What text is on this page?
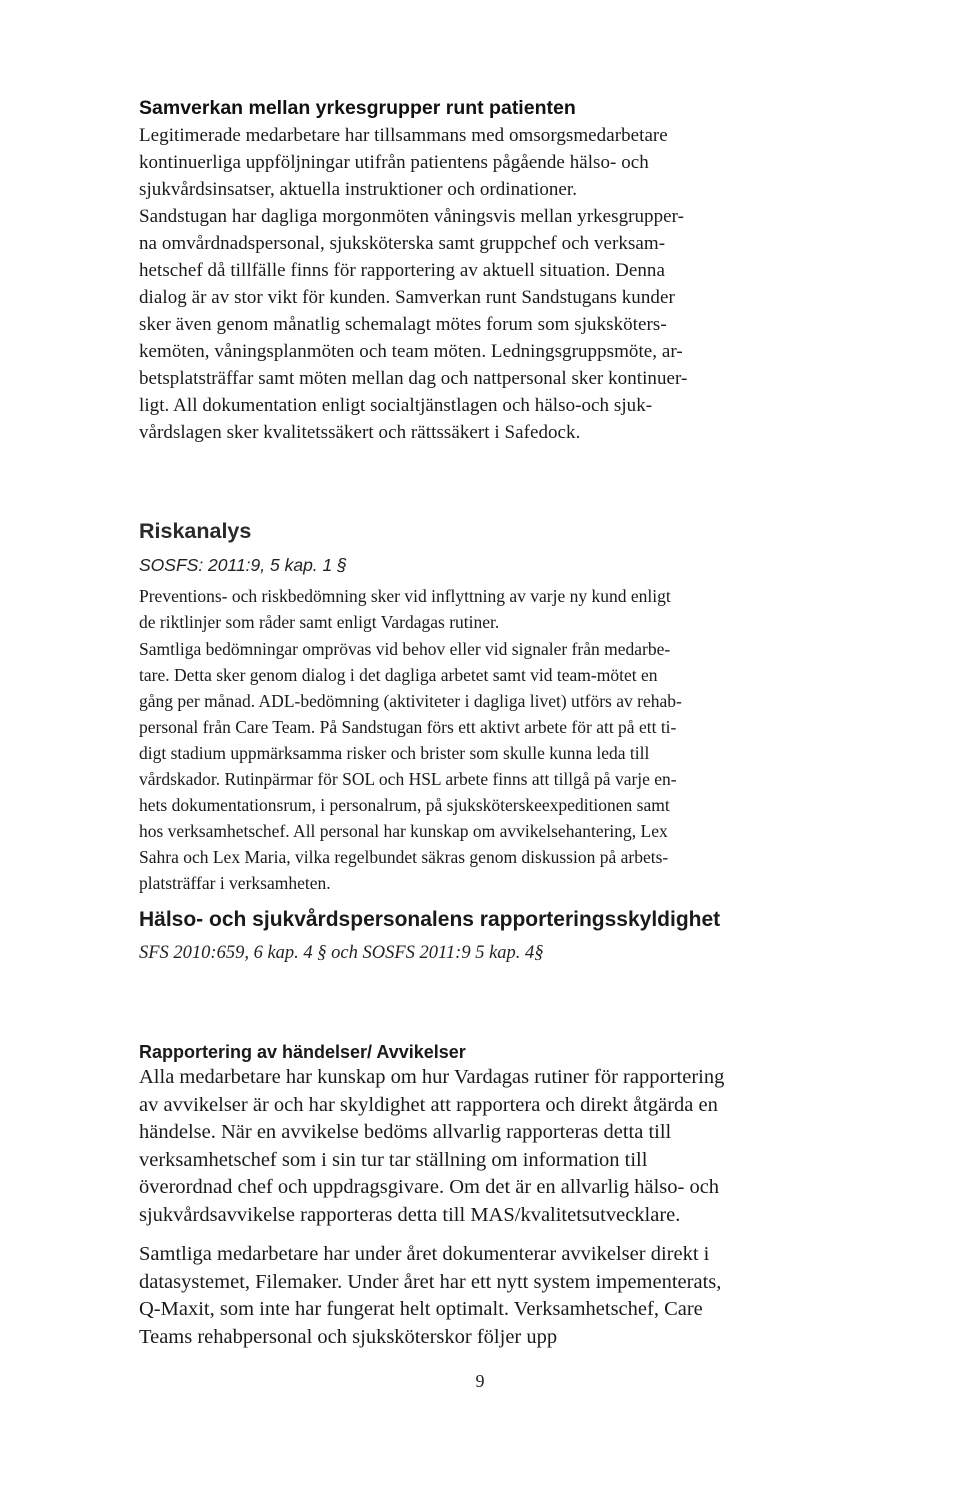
Samverkan mellan yrkesgrupper runt patienten

Legitimerade medarbetare har tillsammans med omsorgsmedarbetare
kontinuerliga uppföljningar utifrån patientens pågående hälso- och
sjukvårdsinsatser, aktuella instruktioner och ordinationer.
Sandstugan har dagliga morgonmöten våningsvis mellan yrkesgrupper-
na omvårdnadspersonal, sjuksköterska samt gruppchef och verksam-
hetschef då tillfälle finns för rapportering av aktuell situation. Denna
dialog är av stor vikt för kunden. Samverkan runt Sandstugans kunder
sker även genom månatlig schemalagt mötes forum som sjuksköters-
kemöten, våningsplanmöten och team möten. Ledningsgruppsmöte, ar-
betsplatsträffar samt möten mellan dag och nattpersonal sker kontinuer-
ligt. All dokumentation enligt socialtjänstlagen och hälso-och sjuk-
vårdslagen sker kvalitetssäkert och rättssäkert i Safedock.

Riskanalys
SOSFS: 2011:9, 5 kap. 1 §

Preventions- och riskbedömning sker vid inflyttning av varje ny kund enligt
de riktlinjer som råder samt enligt Vardagas rutiner.

Samtliga bedömningar omprövas vid behov eller vid signaler från medarbe-
tare. Detta sker genom dialog i det dagliga arbetet samt vid team-mötet en
gång per månad. ADL-bedömning (aktiviteter i dagliga livet) utförs av rehab-
personal från Care Team. På Sandstugan förs ett aktivt arbete för att på ett ti-
digt stadium uppmärksamma risker och brister som skulle kunna leda till
vårdskador. Rutinpärmar för SOL och HSL arbete finns att tillgå på varje en-
hets dokumentationsrum, i personalrum, på sjuksköterskeexpeditionen samt
hos verksamhetschef. All personal har kunskap om avvikelsehantering, Lex
Sahra och Lex Maria, vilka regelbundet säkras genom diskussion på arbets-
platsträffar i verksamheten.

Hälso- och sjukvårdspersonalens rapporteringsskyldighet
SFS 2010:659, 6 kap. 4 § och SOSFS 2011:9 5 kap. 4§
Rapportering av händelser/ Avvikelser

Alla medarbetare har kunskap om hur Vardagas rutiner för rapportering
av avvikelser är och har skyldighet att rapportera och direkt åtgärda en
händelse. När en avvikelse bedöms allvarlig rapporteras detta till
verksamhetschef som i sin tur tar ställning om information till
överordnad chef och uppdragsgivare. Om det är en allvarlig hälso- och
sjukvårdsavvikelse rapporteras detta till MAS/kvalitetsutvecklare.

Samtliga medarbetare har under året dokumenterar avvikelser direkt i
datasystemet, Filemaker. Under året har ett nytt system impementerats,
Q-Maxit, som inte har fungerat helt optimalt. Verksamhetschef, Care
Teams rehabpersonal och sjuksköterskor följer upp

9
